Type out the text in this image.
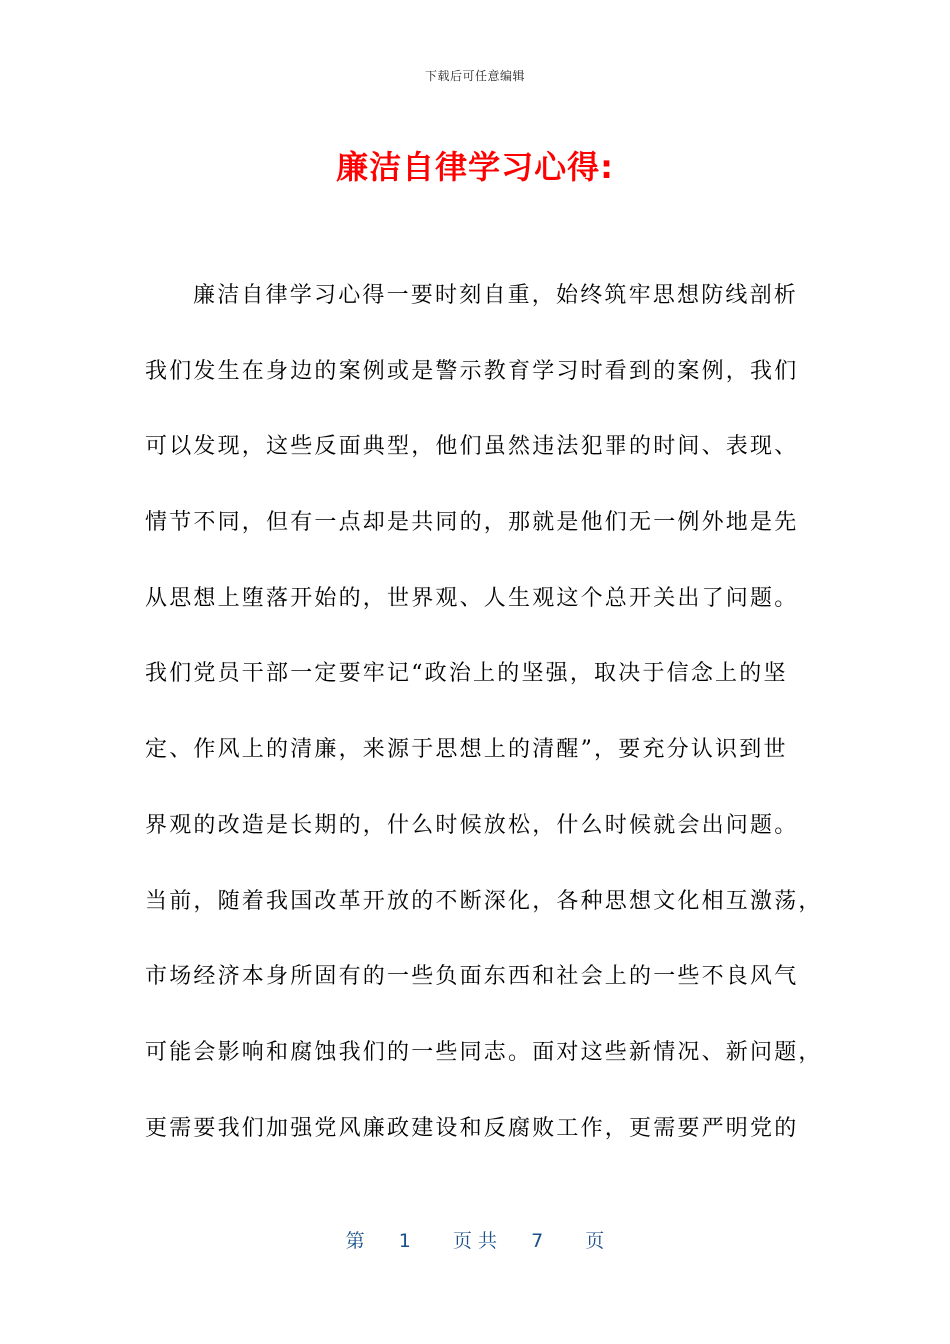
下载后可任意编辑
廉洁自律学习心得:
廉洁自律学习心得一要时刻自重，始终筑牢思想防线剖析
我们发生在身边的案例或是警示教育学习时看到的案例，我们
可以发现，这些反面典型，他们虽然违法犯罪的时间、表现、
情节不同，但有一点却是共同的，那就是他们无一例外地是先
从思想上堕落开始的，世界观、人生观这个总开关出了问题。
我们党员干部一定要牢记“政治上的坚强，取决于信念上的坚
定、作风上的清廉，来源于思想上的清醒”，要充分认识到世
界观的改造是长期的，什么时候放松，什么时候就会出问题。
当前，随着我国改革开放的不断深化，各种思想文化相互激荡，
市场经济本身所固有的一些负面东西和社会上的一些不良风气
可能会影响和腐蚀我们的一些同志。面对这些新情况、新问题，
更需要我们加强党风廉政建设和反腐败工作，更需要严明党的
第 1 页 共 7 页
